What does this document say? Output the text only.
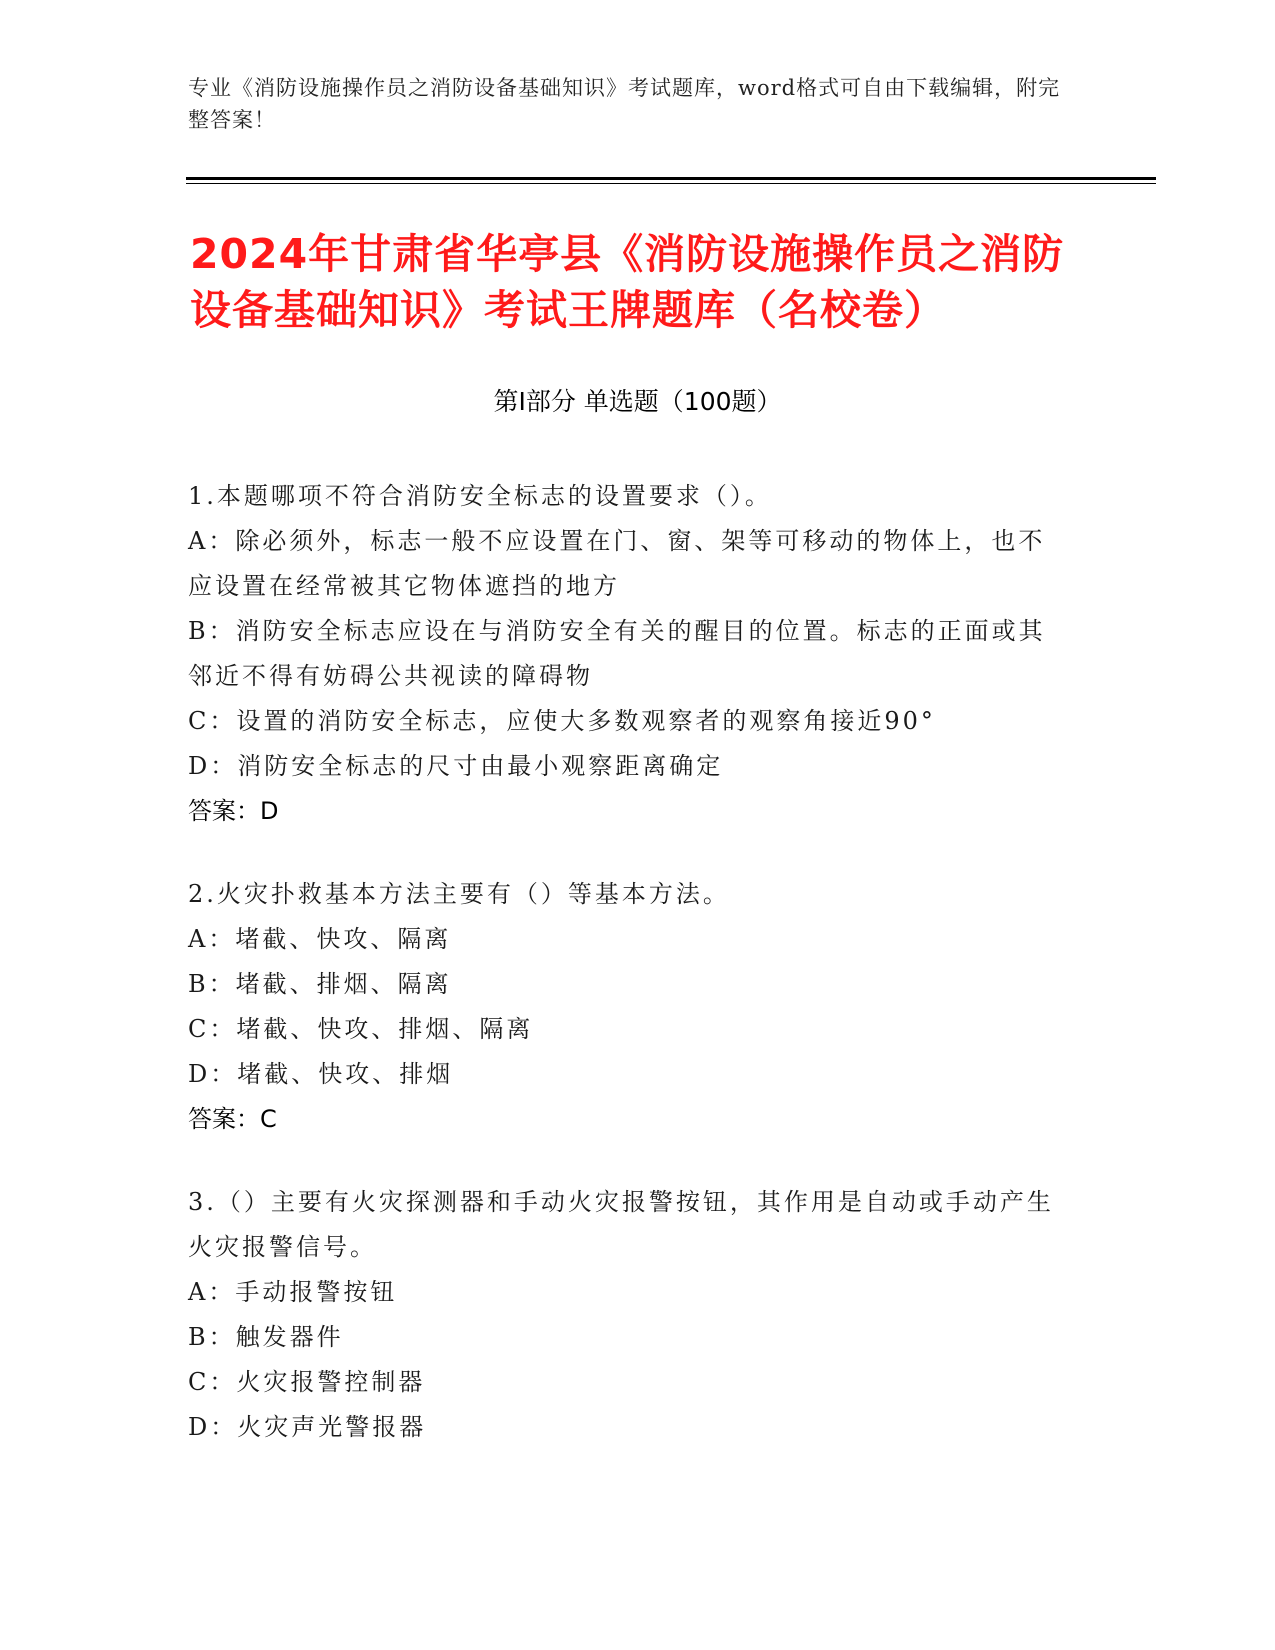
专业《消防设施操作员之消防设备基础知识》考试题库，word格式可自由下载编辑，附完整答案！
2024年甘肃省华亭县《消防设施操作员之消防设备基础知识》考试王牌题库（名校卷）
第Ⅰ部分 单选题（100题）
1.本题哪项不符合消防安全标志的设置要求（）。
A：除必须外，标志一般不应设置在门、窗、架等可移动的物体上，也不应设置在经常被其它物体遮挡的地方
B：消防安全标志应设在与消防安全有关的醒目的位置。标志的正面或其邻近不得有妨碍公共视读的障碍物
C：设置的消防安全标志，应使大多数观察者的观察角接近90°
D：消防安全标志的尺寸由最小观察距离确定
答案：D
2.火灾扑救基本方法主要有（）等基本方法。
A：堵截、快攻、隔离
B：堵截、排烟、隔离
C：堵截、快攻、排烟、隔离
D：堵截、快攻、排烟
答案：C
3.（）主要有火灾探测器和手动火灾报警按钮，其作用是自动或手动产生火灾报警信号。
A：手动报警按钮
B：触发器件
C：火灾报警控制器
D：火灾声光警报器
